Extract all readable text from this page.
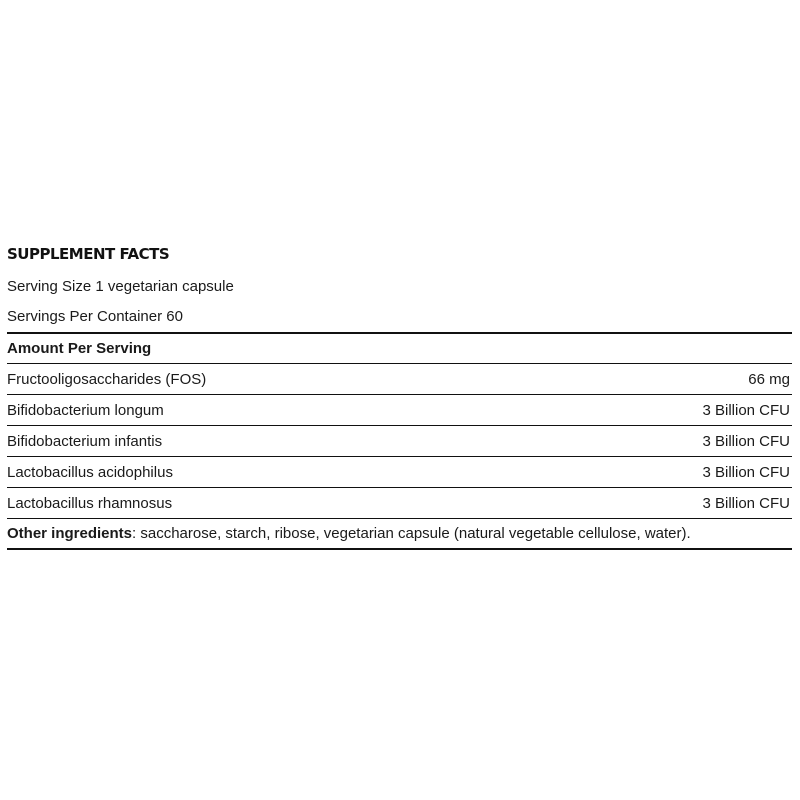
SUPPLEMENT FACTS
Serving Size 1 vegetarian capsule
Servings Per Container 60
Amount Per Serving
Fructooligosaccharides (FOS)	66 mg
Bifidobacterium longum	3 Billion CFU
Bifidobacterium infantis	3 Billion CFU
Lactobacillus acidophilus	3 Billion CFU
Lactobacillus rhamnosus	3 Billion CFU
Other ingredients: saccharose, starch, ribose, vegetarian capsule (natural vegetable cellulose, water).
